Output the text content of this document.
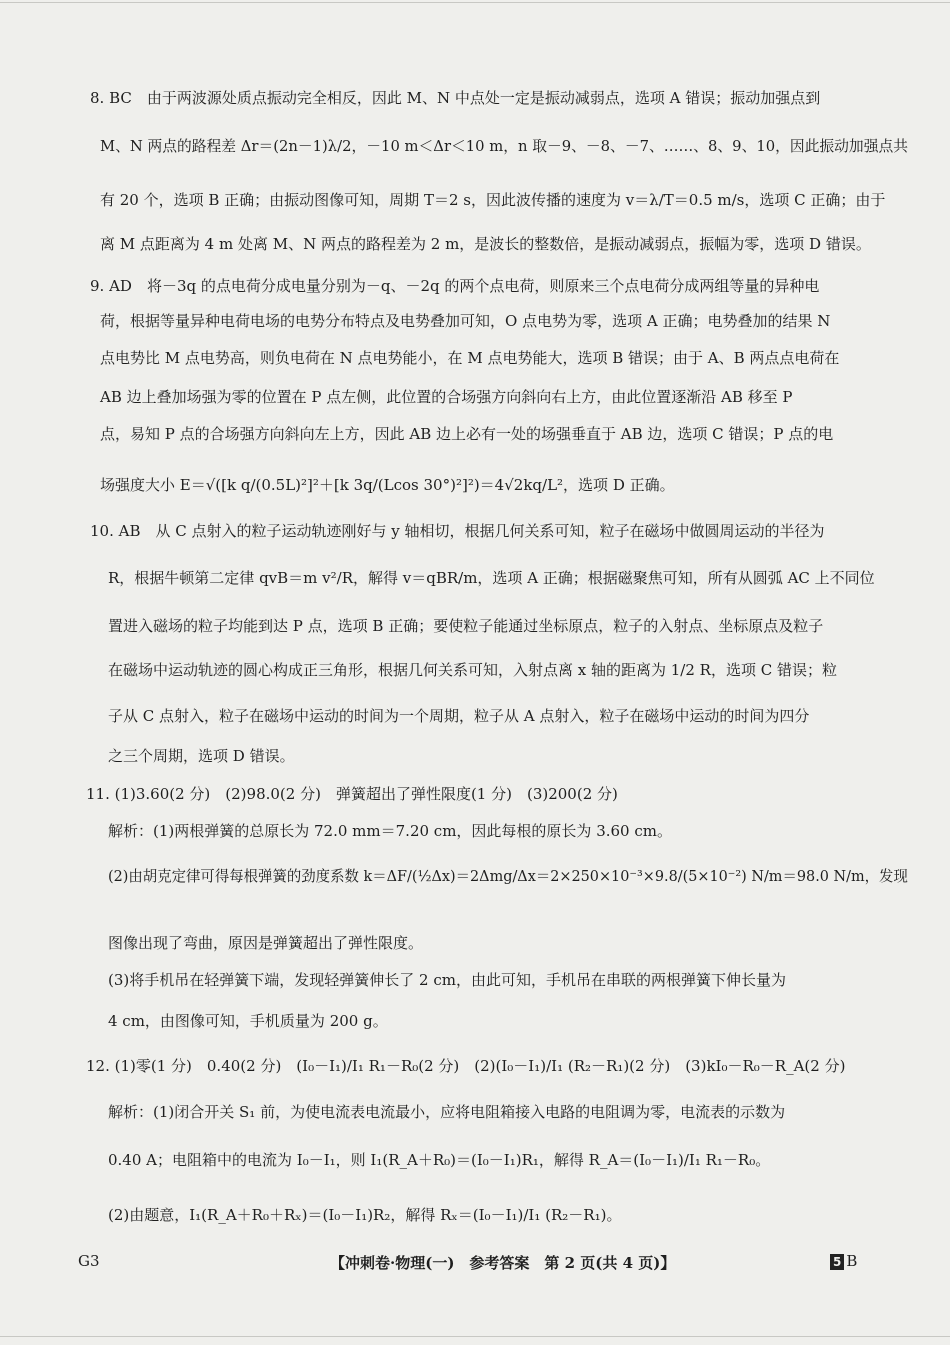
8. BC　由于两波源处质点振动完全相反，因此 M、N 中点处一定是振动减弱点，选项 A 错误；振动加强点到
M、N 两点的路程差 Δr＝(2n－1)λ/2，－10 m＜Δr＜10 m，n 取－9、－8、－7、……、8、9、10，因此振动加强点共
有 20 个，选项 B 正确；由振动图像可知，周期 T＝2 s，因此波传播的速度为 v＝λ/T＝0.5 m/s，选项 C 正确；由于
离 M 点距离为 4 m 处离 M、N 两点的路程差为 2 m，是波长的整数倍，是振动减弱点，振幅为零，选项 D 错误。
9. AD　将－3q 的点电荷分成电量分别为－q、－2q 的两个点电荷，则原来三个点电荷分成两组等量的异种电
荷，根据等量异种电荷电场的电势分布特点及电势叠加可知，O 点电势为零，选项 A 正确；电势叠加的结果 N
点电势比 M 点电势高，则负电荷在 N 点电势能小，在 M 点电势能大，选项 B 错误；由于 A、B 两点点电荷在
AB 边上叠加场强为零的位置在 P 点左侧，此位置的合场强方向斜向右上方，由此位置逐渐沿 AB 移至 P
点，易知 P 点的合场强方向斜向左上方，因此 AB 边上必有一处的场强垂直于 AB 边，选项 C 错误；P 点的电
场强度大小 E＝√([k q/(0.5L)²]²＋[k 3q/(Lcos 30°)²]²)＝4√2kq/L²，选项 D 正确。
10. AB　从 C 点射入的粒子运动轨迹刚好与 y 轴相切，根据几何关系可知，粒子在磁场中做圆周运动的半径为
R，根据牛顿第二定律 qvB＝m v²/R，解得 v＝qBR/m，选项 A 正确；根据磁聚焦可知，所有从圆弧 AC 上不同位
置进入磁场的粒子均能到达 P 点，选项 B 正确；要使粒子能通过坐标原点，粒子的入射点、坐标原点及粒子
在磁场中运动轨迹的圆心构成正三角形，根据几何关系可知，入射点离 x 轴的距离为 1/2 R，选项 C 错误；粒
子从 C 点射入，粒子在磁场中运动的时间为一个周期，粒子从 A 点射入，粒子在磁场中运动的时间为四分
之三个周期，选项 D 错误。
11. (1)3.60(2 分)　(2)98.0(2 分)　弹簧超出了弹性限度(1 分)　(3)200(2 分)
解析：(1)两根弹簧的总原长为 72.0 mm＝7.20 cm，因此每根的原长为 3.60 cm。
(2)由胡克定律可得每根弹簧的劲度系数 k＝ΔF/(½Δx)＝2Δmg/Δx＝2×250×10⁻³×9.8/(5×10⁻²) N/m＝98.0 N/m，发现
图像出现了弯曲，原因是弹簧超出了弹性限度。
(3)将手机吊在轻弹簧下端，发现轻弹簧伸长了 2 cm，由此可知，手机吊在串联的两根弹簧下伸长量为
4 cm，由图像可知，手机质量为 200 g。
12. (1)零(1 分)　0.40(2 分)　(I₀－I₁)/I₁ R₁－R₀(2 分)　(2)(I₀－I₁)/I₁ (R₂－R₁)(2 分)　(3)kI₀－R₀－R_A(2 分)
解析：(1)闭合开关 S₁ 前，为使电流表电流最小，应将电阻箱接入电路的电阻调为零，电流表的示数为
0.40 A；电阻箱中的电流为 I₀－I₁，则 I₁(R_A＋R₀)＝(I₀－I₁)R₁，解得 R_A＝(I₀－I₁)/I₁ R₁－R₀。
(2)由题意，I₁(R_A＋R₀＋Rₓ)＝(I₀－I₁)R₂，解得 Rₓ＝(I₀－I₁)/I₁ (R₂－R₁)。
G3	【冲刺卷·物理(一)　参考答案　第 2 页(共 4 页)】	5 B
